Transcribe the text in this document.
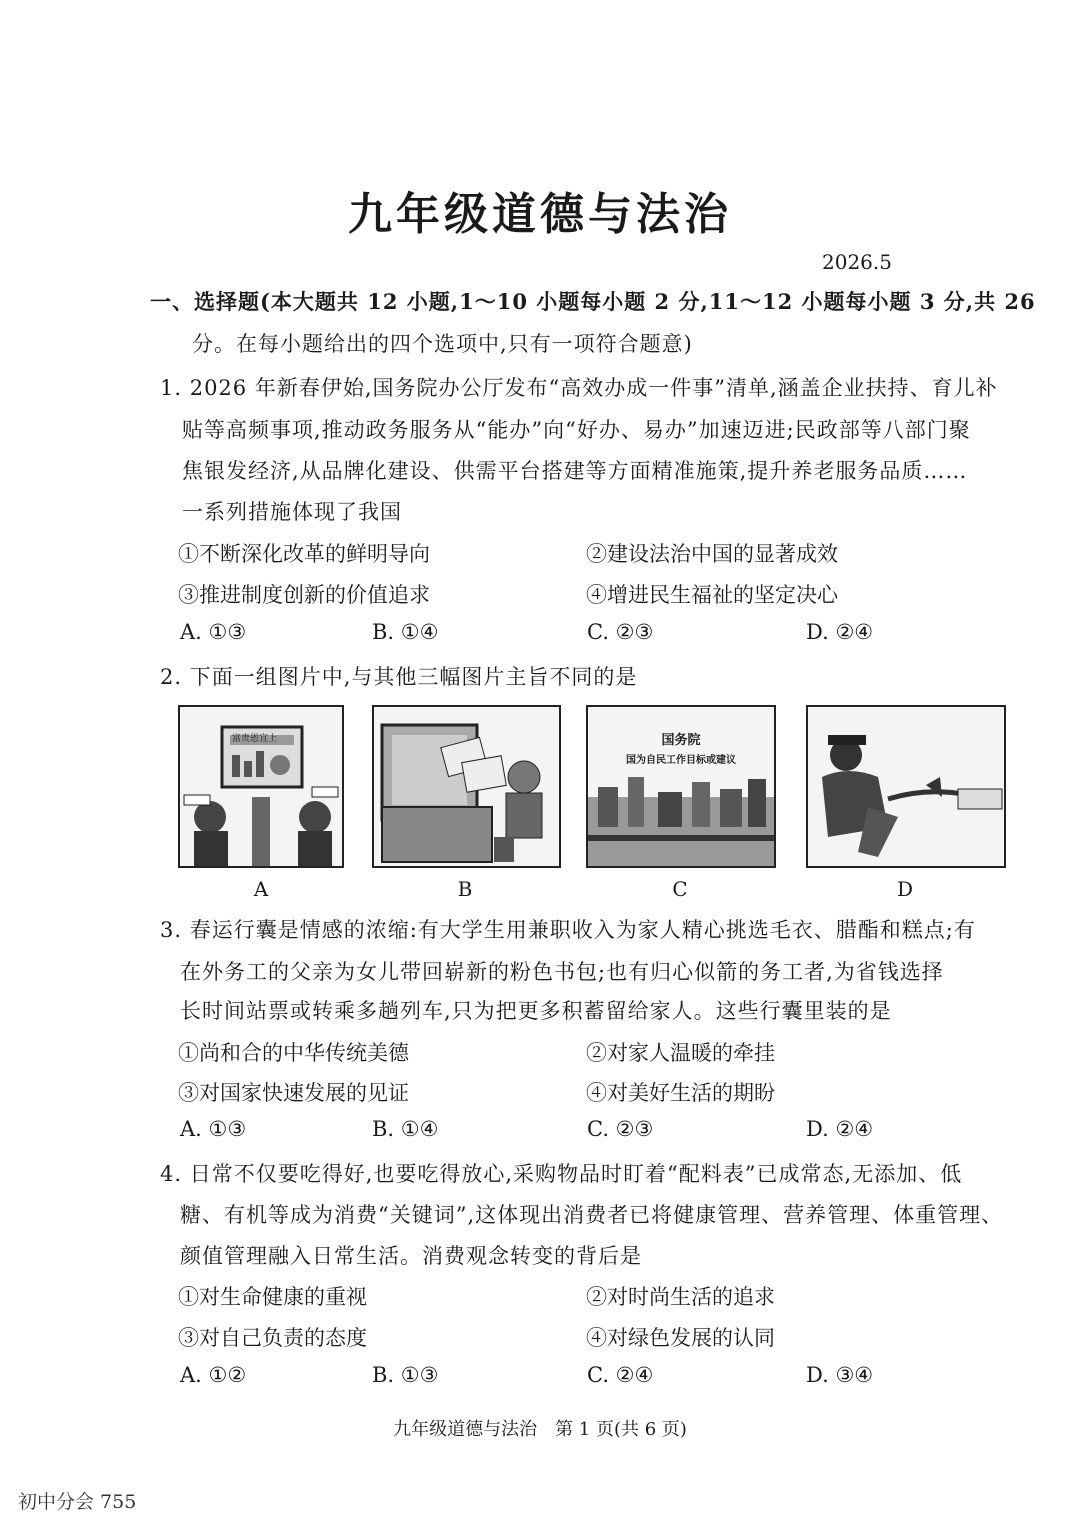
九年级道德与法治
2026.5
一、选择题(本大题共 12 小题,1～10 小题每小题 2 分,11～12 小题每小题 3 分,共 26
分。在每小题给出的四个选项中,只有一项符合题意)
1. 2026 年新春伊始,国务院办公厅发布“高效办成一件事”清单,涵盖企业扶持、育儿补
贴等高频事项,推动政务服务从“能办”向“好办、易办”加速迈进;民政部等八部门聚
焦银发经济,从品牌化建设、供需平台搭建等方面精准施策,提升养老服务品质……
一系列措施体现了我国
①不断深化改革的鲜明导向	②建设法治中国的显著成效
③推进制度创新的价值追求	④增进民生福祉的坚定决心
A. ①③	B. ①④	C. ②③	D. ②④
2. 下面一组图片中,与其他三幅图片主旨不同的是
富贵恩宜上	国务院
国为自民工作目标或建议
A	B	C	D
3. 春运行囊是情感的浓缩:有大学生用兼职收入为家人精心挑选毛衣、腊酯和糕点;有
在外务工的父亲为女儿带回崭新的粉色书包;也有归心似箭的务工者,为省钱选择
长时间站票或转乘多趟列车,只为把更多积蓄留给家人。这些行囊里装的是
①尚和合的中华传统美德	②对家人温暖的牵挂
③对国家快速发展的见证	④对美好生活的期盼
A. ①③	B. ①④	C. ②③	D. ②④
4. 日常不仅要吃得好,也要吃得放心,采购物品时盯着“配料表”已成常态,无添加、低
糖、有机等成为消费“关键词”,这体现出消费者已将健康管理、营养管理、体重管理、
颜值管理融入日常生活。消费观念转变的背后是
①对生命健康的重视	②对时尚生活的追求
③对自己负责的态度	④对绿色发展的认同
A. ①②	B. ①③	C. ②④	D. ③④
九年级道德与法治　第 1 页(共 6 页)
初中分会 755
